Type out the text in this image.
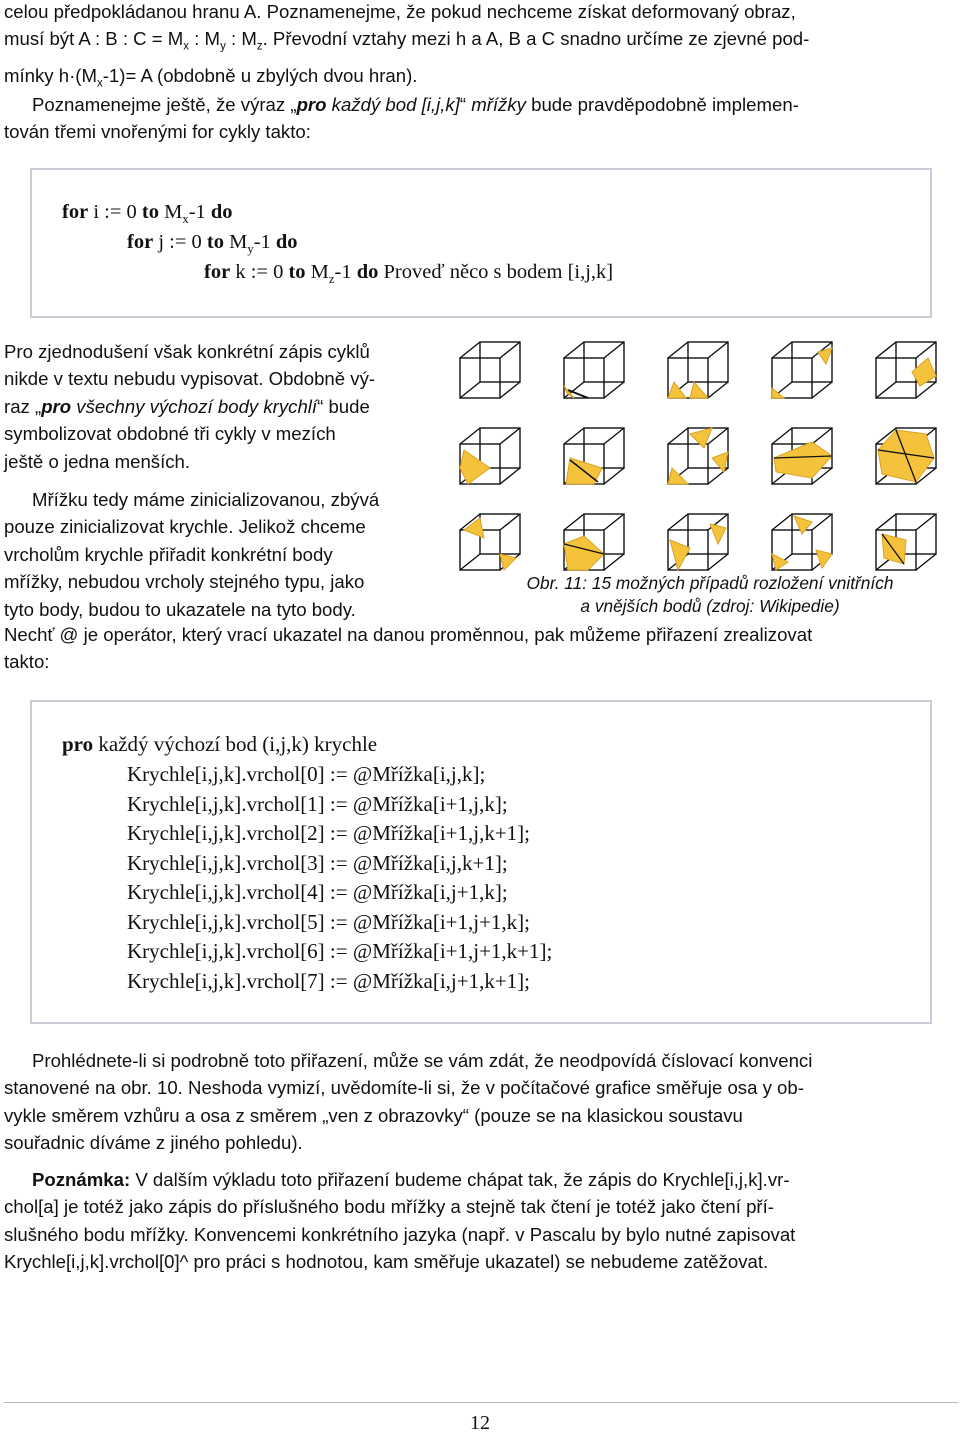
celou předpokládanou hranu A. Poznamenejme, že pokud nechceme získat deformovaný obraz,
musí být A : B : $C = M_x$ : $M_y$ : $M_z$. Převodní vztahy mezi h a A, B a C snadno určíme ze zjevné pod-
mínky $h\cdot(M_x-1)= A$ (obdobně u zbylých dvou hran).
Poznamenejme ještě, že výraz „pro každý bod [i,j,k]“ mřížky bude pravděpodobně implemen-
tován třemi vnořenými for cykly takto:
for i := 0 to $M_x-1$ do
for j := 0 to $M_y-1$ do
for k := 0 to $M_z-1$ do Proveď něco s bodem [i,j,k]
Pro zjednodušení však konkrétní zápis cyklů
nikde v textu nebudu vypisovat. Obdobně vý-
raz „pro všechny výchozí body krychlí“ bude
symbolizovat obdobné tři cykly v mezích
ještě o jedna menších.
Mřížku tedy máme zinicializovanou, zbývá
pouze zinicializovat krychle. Jelikož chceme
vrcholům krychle přiřadit konkrétní body
mřížky, nebudou vrcholy stejného typu, jako
tyto body, budou to ukazatele na tyto body.
Obr. 11: 15 možných případů rozložení vnitřních
a vnějších bodů (zdroj: Wikipedie)
Nechť @ je operátor, který vrací ukazatel na danou proměnnou, pak můžeme přiřazení zrealizovat
takto:
pro každý výchozí bod (i,j,k) krychle
Krychle[i,j,k].vrchol[0] := @Mřížka[i,j,k];
Krychle[i,j,k].vrchol[1] := @Mřížka[i+1,j,k];
Krychle[i,j,k].vrchol[2] := @Mřížka[i+1,j,k+1];
Krychle[i,j,k].vrchol[3] := @Mřížka[i,j,k+1];
Krychle[i,j,k].vrchol[4] := @Mřížka[i,j+1,k];
Krychle[i,j,k].vrchol[5] := @Mřížka[i+1,j+1,k];
Krychle[i,j,k].vrchol[6] := @Mřížka[i+1,j+1,k+1];
Krychle[i,j,k].vrchol[7] := @Mřížka[i,j+1,k+1];
Prohlédnete-li si podrobně toto přiřazení, může se vám zdát, že neodpovídá číslovací konvenci
stanovené na obr. 10. Neshoda vymizí, uvědomíte-li si, že v počítačové grafice směřuje osa y ob-
vykle směrem vzhůru a osa z směrem „ven z obrazovky“ (pouze se na klasickou soustavu
souřadnic díváme z jiného pohledu).
Poznámka: V dalším výkladu toto přiřazení budeme chápat tak, že zápis do Krychle[i,j,k].vr-
chol[a] je totéž jako zápis do příslušného bodu mřížky a stejně tak čtení je totéž jako čtení pří-
slušného bodu mřížky. Konvencemi konkrétního jazyka (např. v Pascalu by bylo nutné zapisovat
Krychle[i,j,k].vrchol[0]^ pro práci s hodnotou, kam směřuje ukazatel) se nebudeme zatěžovat.
12
